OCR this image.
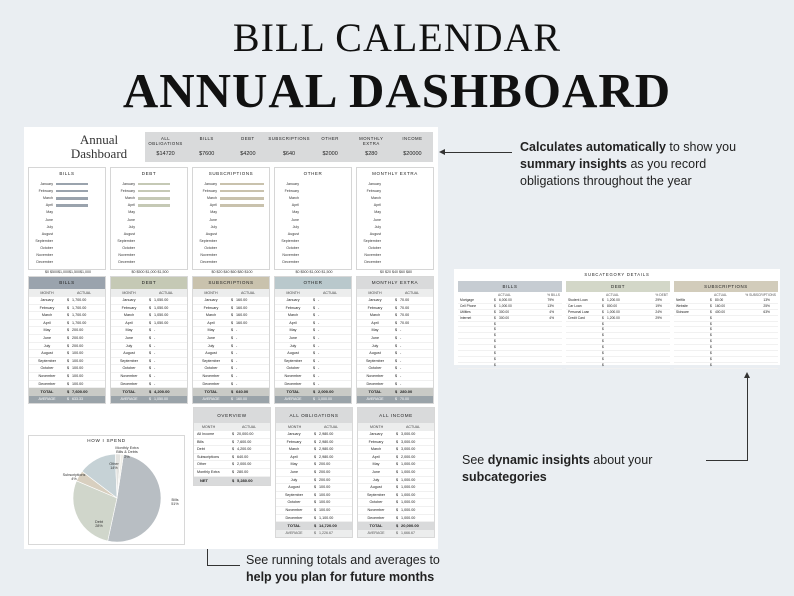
BILL CALENDAR
ANNUAL DASHBOARD
Calculates automatically to show you
summary insights as you record
obligations throughout the year
See dynamic insights about your
subcategories
See running totals and averages to
help you plan for future months
Annual
Dashboard
ALL
OBLIGATIONS
$14720
BILLS
$7600
DEBT
$4200
SUBSCRIPTIONS
$640
OTHER
$2000
MONTHLY
EXTRA
$280
INCOME
$20000
BILLS
January
February
March
April
May
June
July
August
September
October
November
December
$0 $500$1,000$1,500$1,000
DEBT
January
February
March
April
May
June
July
August
September
October
November
December
$0 $500 $1,000 $1,500
SUBSCRIPTIONS
January
February
March
April
May
June
July
August
September
October
November
December
$0 $20 $40 $60 $80 $100
OTHER
January
February
March
April
May
June
July
August
September
October
November
December
$0 $500 $1,000 $1,500
MONTHLY EXTRA
January
February
March
April
May
June
July
August
September
October
November
December
$0 $20 $40 $60 $80
BILLS
MONTH	ACTUAL
January	$ 1,700.00
February	$ 1,700.00
March	$ 1,700.00
April	$ 1,700.00
May	$ 200.00
June	$ 200.00
July	$ 200.00
August	$ 100.00
September	$ 100.00
October	$ 100.00
November	$ 100.00
December	$ 100.00
TOTAL	$ 7,600.00
AVERAGE	$ 633.33
DEBT
MONTH	ACTUAL
January	$ 1,050.00
February	$ 1,050.00
March	$ 1,050.00
April	$ 1,050.00
May	$ -
June	$ -
July	$ -
August	$ -
September	$ -
October	$ -
November	$ -
December	$ -
TOTAL	$ 4,200.00
AVERAGE	$ 1,050.00
SUBSCRIPTIONS
MONTH	ACTUAL
January	$ 160.00
February	$ 160.00
March	$ 160.00
April	$ 160.00
May	$ -
June	$ -
July	$ -
August	$ -
September	$ -
October	$ -
November	$ -
December	$ -
TOTAL	$ 640.00
AVERAGE	$ 160.00
OTHER
MONTH	ACTUAL
January	$ -
February	$ -
March	$ -
April	$ -
May	$ -
June	$ -
July	$ -
August	$ -
September	$ -
October	$ -
November	$ -
December	$ -
TOTAL	$ 2,000.00
AVERAGE	$ 1,000.00
MONTHLY EXTRA
MONTH	ACTUAL
January	$ 70.00
February	$ 70.00
March	$ 70.00
April	$ 70.00
May	$ -
June	$ -
July	$ -
August	$ -
September	$ -
October	$ -
November	$ -
December	$ -
TOTAL	$ 280.00
AVERAGE	$ 70.00
HOW I SPEND
Bills
51%
Debt
28%
Subscriptions
4%
Other
14%
Monthly Extra
Bills & Debts
2%
OVERVIEW
MONTH	ACTUAL
All Income	$ 20,000.00
Bills	$ 7,600.00
Debt	$ 4,200.00
Subscriptions	$ 640.00
Other	$ 2,000.00
Monthly Extra	$ 280.00
NET	$ 5,280.00
ALL OBLIGATIONS
MONTH	ACTUAL
January	$ 2,980.00
February	$ 2,980.00
March	$ 2,980.00
April	$ 2,980.00
May	$ 200.00
June	$ 200.00
July	$ 200.00
August	$ 100.00
September	$ 100.00
October	$ 100.00
November	$ 100.00
December	$ 1,100.00
TOTAL	$ 14,720.00
AVERAGE	$ 1,226.67
ALL INCOME
MONTH	ACTUAL
January	$ 3,000.00
February	$ 3,000.00
March	$ 3,000.00
April	$ 2,000.00
May	$ 1,000.00
June	$ 1,000.00
July	$ 1,000.00
August	$ 1,000.00
September	$ 1,000.00
October	$ 1,000.00
November	$ 1,000.00
December	$ 1,000.00
TOTAL	$ 20,000.00
AVERAGE	$ 1,666.67
SUBCATEGORY DETAILS
BILLS
ACTUAL	% BILLS
Mortgage	$ 6,000.00	79%
Cell Phone	$ 1,000.00	13%
Utilities	$ 300.00	4%
Internet	$ 300.00	4%
$
$
$
$
$
$
$
$
DEBT
ACTUAL	% DEBT
Student Loan	$ 1,200.00	29%
Car Loan	$ 800.00	19%
Personal Loan	$ 1,000.00	24%
Credit Card	$ 1,200.00	29%
$
$
$
$
$
$
$
$
SUBSCRIPTIONS
ACTUAL	% SUBSCRIPTIONS
Netflix	$ 80.00	13%
Website	$ 160.00	25%
Skincare	$ 400.00	63%
$
$
$
$
$
$
$
$
$
